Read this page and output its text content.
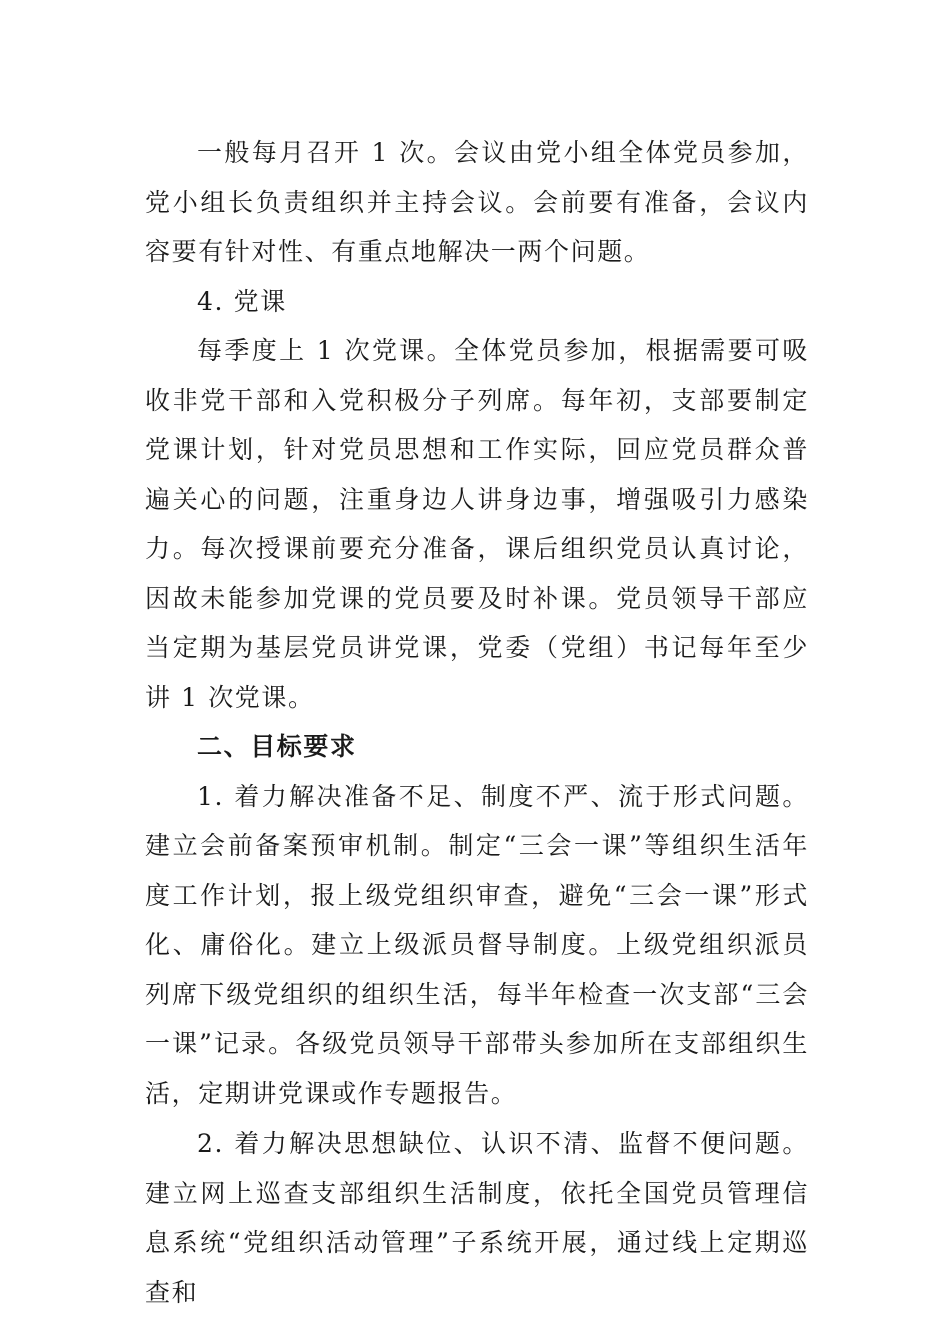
一般每月召开 1 次。会议由党小组全体党员参加，党小组长负责组织并主持会议。会前要有准备，会议内容要有针对性、有重点地解决一两个问题。

4. 党课

每季度上 1 次党课。全体党员参加，根据需要可吸收非党干部和入党积极分子列席。每年初，支部要制定党课计划，针对党员思想和工作实际，回应党员群众普遍关心的问题，注重身边人讲身边事，增强吸引力感染力。每次授课前要充分准备，课后组织党员认真讨论，因故未能参加党课的党员要及时补课。党员领导干部应当定期为基层党员讲党课，党委（党组）书记每年至少讲 1 次党课。

二、目标要求

1. 着力解决准备不足、制度不严、流于形式问题。建立会前备案预审机制。制定“三会一课”等组织生活年度工作计划，报上级党组织审查，避免“三会一课”形式化、庸俗化。建立上级派员督导制度。上级党组织派员列席下级党组织的组织生活，每半年检查一次支部“三会一课”记录。各级党员领导干部带头参加所在支部组织生活，定期讲党课或作专题报告。

2. 着力解决思想缺位、认识不清、监督不便问题。建立网上巡查支部组织生活制度，依托全国党员管理信息系统“党组织活动管理”子系统开展，通过线上定期巡查和
